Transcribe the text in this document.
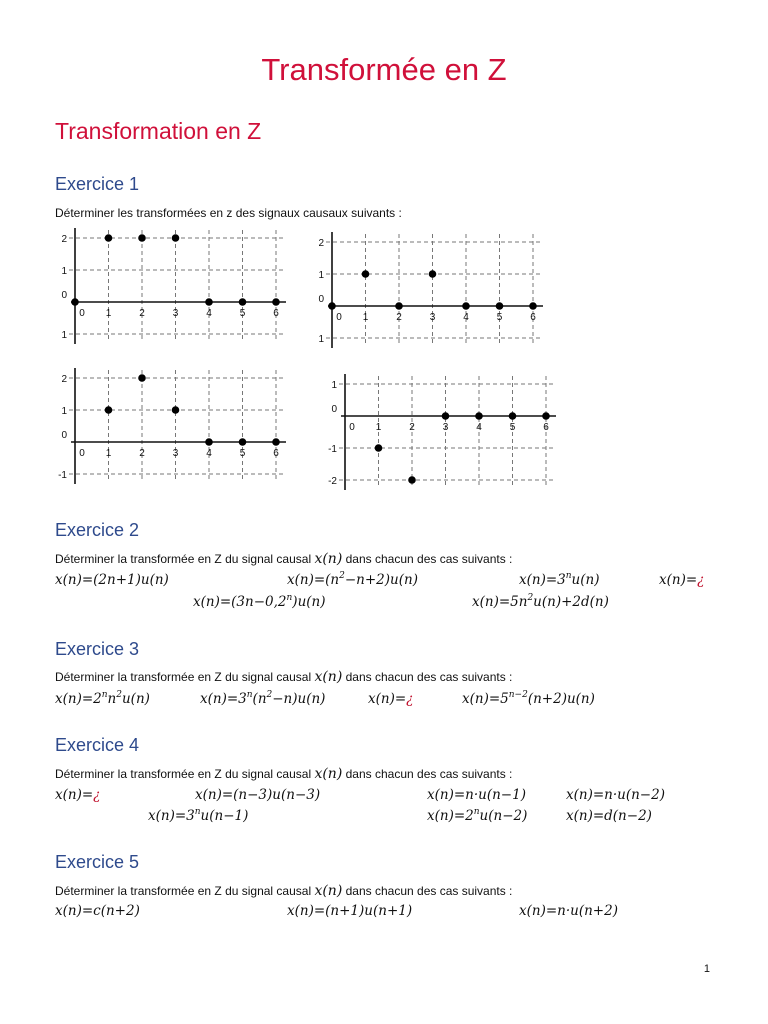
Transformée en Z
Transformation en Z
Exercice 1
Déterminer les transformées en z des signaux causaux suivants :
2
1
0
1
0 1	2	3	4	5	6
2
1
0
1
0 1	2	3	4	5	6
2
1
0
-1
0 1	2	3	4	5	6
1
0
-1
-2
0 1	2	3	4	5	6
Exercice 2
Déterminer la transformée en Z du signal causal x(n) dans chacun des cas suivants :
x(n)=(2n+1)u(n)	$x(n)=(n^2-n+2)u(n)$	$x(n)=3^nu(n)$	x(n)=¿
$x(n)=(3n-0,2^n)u(n)$	$x(n)=5n^2u(n)+2d(n)$
Exercice 3
Déterminer la transformée en Z du signal causal x(n) dans chacun des cas suivants :
$x(n)=2^nn^2u(n)$	$x(n)=3^n(n^2-n)u(n)$	x(n)=¿	$x(n)=5^{n-2}(n+2)u(n)$
Exercice 4
Déterminer la transformée en Z du signal causal x(n) dans chacun des cas suivants :
x(n)=¿	x(n)=(n−3)u(n−3)	x(n)=n·u(n−1)	x(n)=n·u(n−2)
$x(n)=3^nu(n-1)$	$x(n)=2^nu(n-2)$	x(n)=d(n−2)
Exercice 5
Déterminer la transformée en Z du signal causal x(n) dans chacun des cas suivants :
x(n)=c(n+2)	x(n)=(n+1)u(n+1)	x(n)=n·u(n+2)
1
